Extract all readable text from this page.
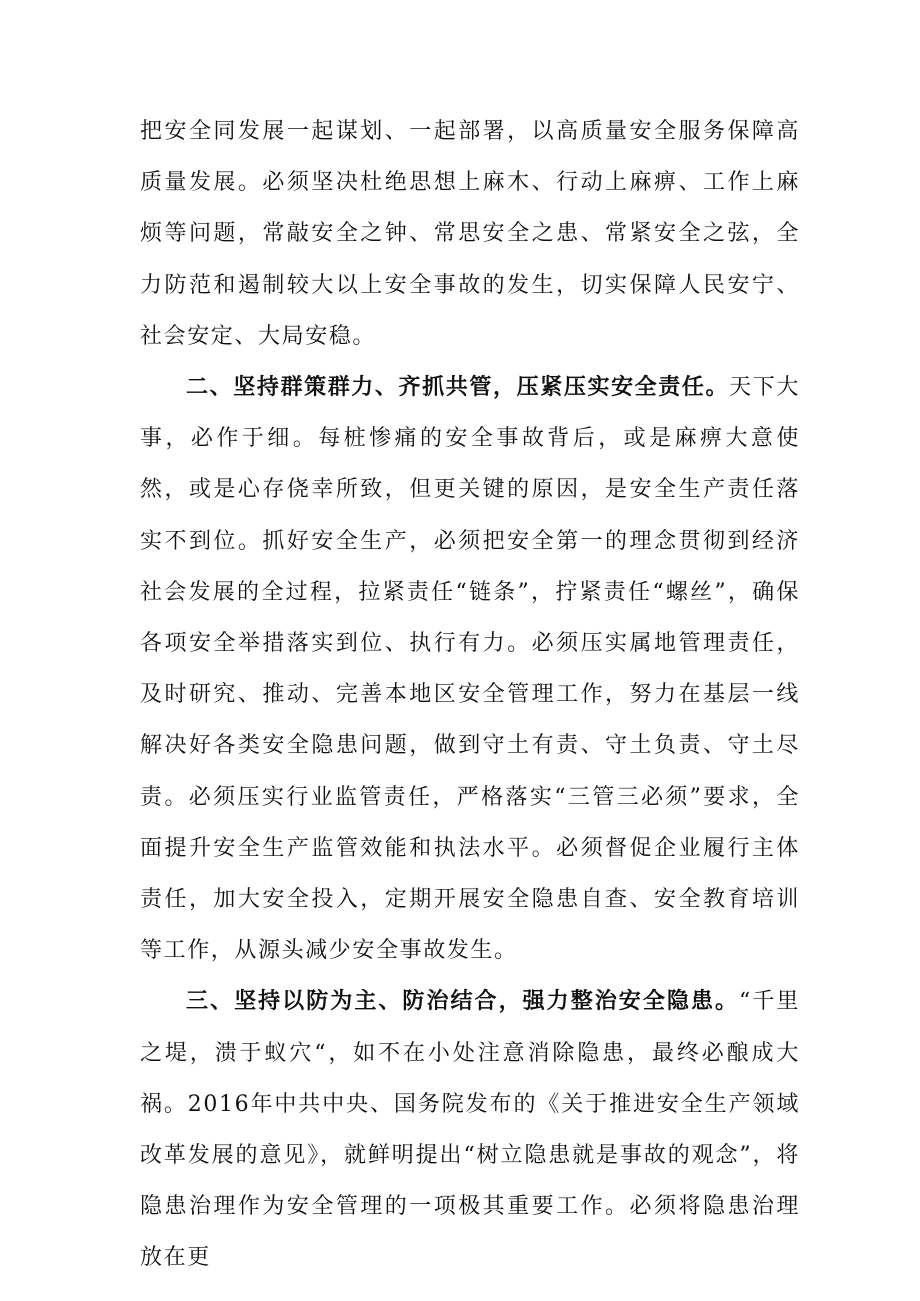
把安全同发展一起谋划、一起部署，以高质量安全服务保障高质量发展。必须坚决杜绝思想上麻木、行动上麻痹、工作上麻烦等问题，常敲安全之钟、常思安全之患、常紧安全之弦，全力防范和遏制较大以上安全事故的发生，切实保障人民安宁、社会安定、大局安稳。

二、坚持群策群力、齐抓共管，压紧压实安全责任。天下大事，必作于细。每桩惨痛的安全事故背后，或是麻痹大意使然，或是心存侥幸所致，但更关键的原因，是安全生产责任落实不到位。抓好安全生产，必须把安全第一的理念贯彻到经济社会发展的全过程，拉紧责任“链条”，拧紧责任“螺丝”，确保各项安全举措落实到位、执行有力。必须压实属地管理责任，及时研究、推动、完善本地区安全管理工作，努力在基层一线解决好各类安全隐患问题，做到守土有责、守土负责、守土尽责。必须压实行业监管责任，严格落实“三管三必须”要求，全面提升安全生产监管效能和执法水平。必须督促企业履行主体责任，加大安全投入，定期开展安全隐患自查、安全教育培训等工作，从源头减少安全事故发生。

三、坚持以防为主、防治结合，强力整治安全隐患。“千里之堤，溃于蚁穴“，如不在小处注意消除隐患，最终必酿成大祸。2016年中共中央、国务院发布的《关于推进安全生产领域改革发展的意见》，就鲜明提出“树立隐患就是事故的观念”，将隐患治理作为安全管理的一项极其重要工作。必须将隐患治理放在更
